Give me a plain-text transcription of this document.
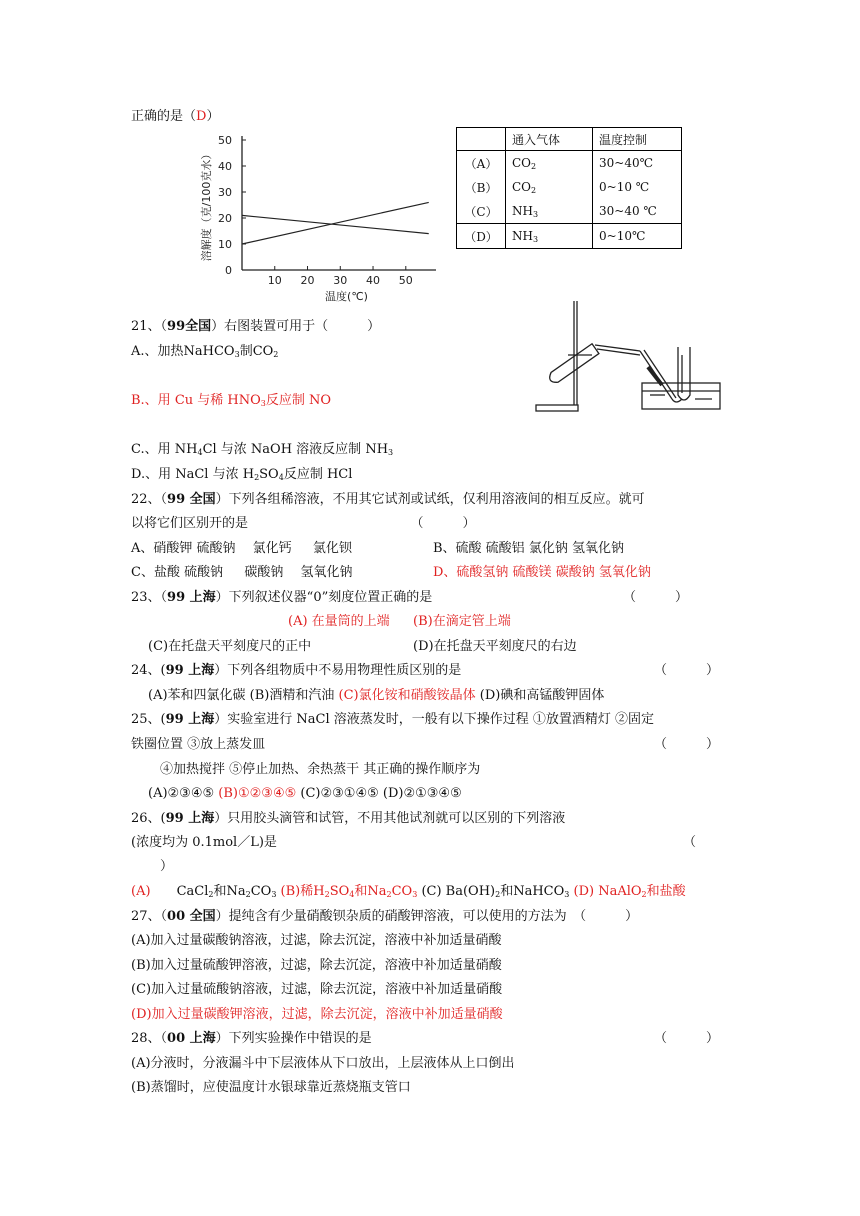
正确的是（D）
0
10
20
30
40
50
10 20 30 40 50
温度(℃)
溶解度（克/100克水）
	通入气体	温度控制
（A）	$CO_2$	30~40℃
（B）	$CO_2$	0~10 ℃
（C）	$NH_3$	30~40 ℃
（D）	$NH_3$	0~10℃
21、（99全国）右图装置可用于（　　　）
A.、加热NaHCO$_3$制$CO_2$
B.、用 Cu 与稀 $HNO_3$反应制 NO
C.、用 $NH_4Cl$ 与浓 NaOH 溶液反应制 $NH_3$
D.、用 NaCl 与浓 $H_2SO_4$反应制 HCl
22、（99 全国）下列各组稀溶液，不用其它试剂或试纸，仅利用溶液间的相互反应。就可
以将它们区别开的是　　　　　　　　　　　　　（　　　）
A、硝酸钾 硫酸钠 　氯化钙 　 氯化钡	B、硫酸 硫酸铝 氯化钠 氢氧化钠
C、盐酸 硫酸钠 　 碳酸钠 　氢氧化钠	D、硫酸氢钠 硫酸镁 碳酸钠 氢氧化钠
23、（99 上海）下列叙述仪器“0”刻度位置正确的是	（　　　）
(A) 在量筒的上端 (B)在滴定管上端
(C)在托盘天平刻度尺的正中	(D)在托盘天平刻度尺的右边
24、(99 上海）下列各组物质中不易用物理性质区别的是	（　　　）
(A)苯和四氯化碳 (B)酒精和汽油 (C)氯化铵和硝酸铵晶体 (D)碘和高锰酸钾固体
25、(99 上海）实验室进行 NaCl 溶液蒸发时，一般有以下操作过程 ①放置酒精灯 ②固定
铁圈位置 ③放上蒸发皿	（　　　）
④加热搅拌 ⑤停止加热、余热蒸干 其正确的操作顺序为
(A)②③④⑤ (B)①②③④⑤ (C)②③①④⑤ (D)②①③④⑤
26、(99 上海）只用胶头滴管和试管，不用其他试剂就可以区别的下列溶液
(浓度均为 0.1mol／L)是	（
）
(A)　　 CaCl$_2$和$Na_2CO_3$ (B)稀$H_2SO_4$和$Na_2CO_3$ (C) $Ba(OH)_2$和NaHCO$_3$ (D) NaAlO$_2$和盐酸
27、（00 全国）提纯含有少量硝酸钡杂质的硝酸钾溶液，可以使用的方法为　（　　　）
(A)加入过量碳酸钠溶液，过滤，除去沉淀，溶液中补加适量硝酸
(B)加入过量硫酸钾溶液，过滤，除去沉淀，溶液中补加适量硝酸
(C)加入过量硫酸钠溶液，过滤，除去沉淀，溶液中补加适量硝酸
(D)加入过量碳酸钾溶液，过滤，除去沉淀，溶液中补加适量硝酸
28、（00 上海）下列实验操作中错误的是	（　　　）
(A)分液时，分液漏斗中下层液体从下口放出，上层液体从上口倒出
(B)蒸馏时，应使温度计水银球靠近蒸烧瓶支管口
